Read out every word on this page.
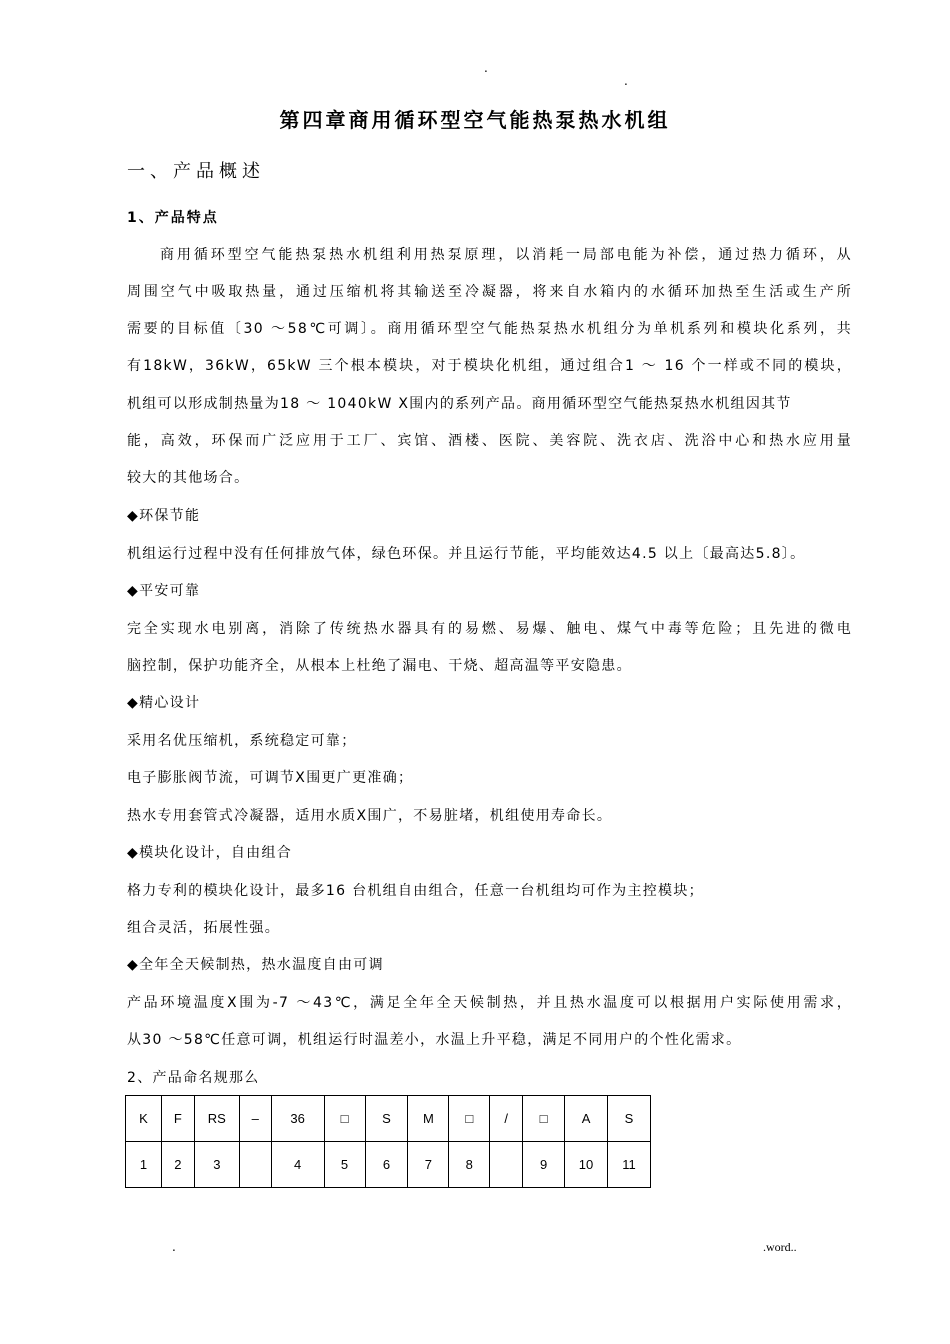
.
.
第四章商用循环型空气能热泵热水机组
一、产品概述
1、产品特点
商用循环型空气能热泵热水机组利用热泵原理，以消耗一局部电能为补偿，通过热力循环，从
周围空气中吸取热量，通过压缩机将其输送至冷凝器，将来自水箱内的水循环加热至生活或生产所
需要的目标值〔30 ～58℃可调〕。商用循环型空气能热泵热水机组分为单机系列和模块化系列，共
有18kW，36kW，65kW 三个根本模块，对于模块化机组，通过组合1 ～ 16 个一样或不同的模块，
机组可以形成制热量为18 ～ 1040kW X围内的系列产品。商用循环型空气能热泵热水机组因其节
能，高效，环保而广泛应用于工厂、宾馆、酒楼、医院、美容院、洗衣店、洗浴中心和热水应用量
较大的其他场合。
◆环保节能
机组运行过程中没有任何排放气体，绿色环保。并且运行节能，平均能效达4.5 以上〔最高达5.8〕。
◆平安可靠
完全实现水电别离，消除了传统热水器具有的易燃、易爆、触电、煤气中毒等危险；且先进的微电
脑控制，保护功能齐全，从根本上杜绝了漏电、干烧、超高温等平安隐患。
◆精心设计
采用名优压缩机，系统稳定可靠；
电子膨胀阀节流，可调节X围更广更准确；
热水专用套管式冷凝器，适用水质X围广，不易脏堵，机组使用寿命长。
◆模块化设计，自由组合
格力专利的模块化设计，最多16 台机组自由组合，任意一台机组均可作为主控模块；
组合灵活，拓展性强。
◆全年全天候制热，热水温度自由可调
产品环境温度X围为-7 ～43℃，满足全年全天候制热，并且热水温度可以根据用户实际使用需求，
从30 ～58℃任意可调，机组运行时温差小，水温上升平稳，满足不同用户的个性化需求。
2、产品命名规那么
K	F	RS	–	36	□	S	M	□	/	□	A	S
1	2	3		4	5	6	7	8		9	10	11
.	.word..
